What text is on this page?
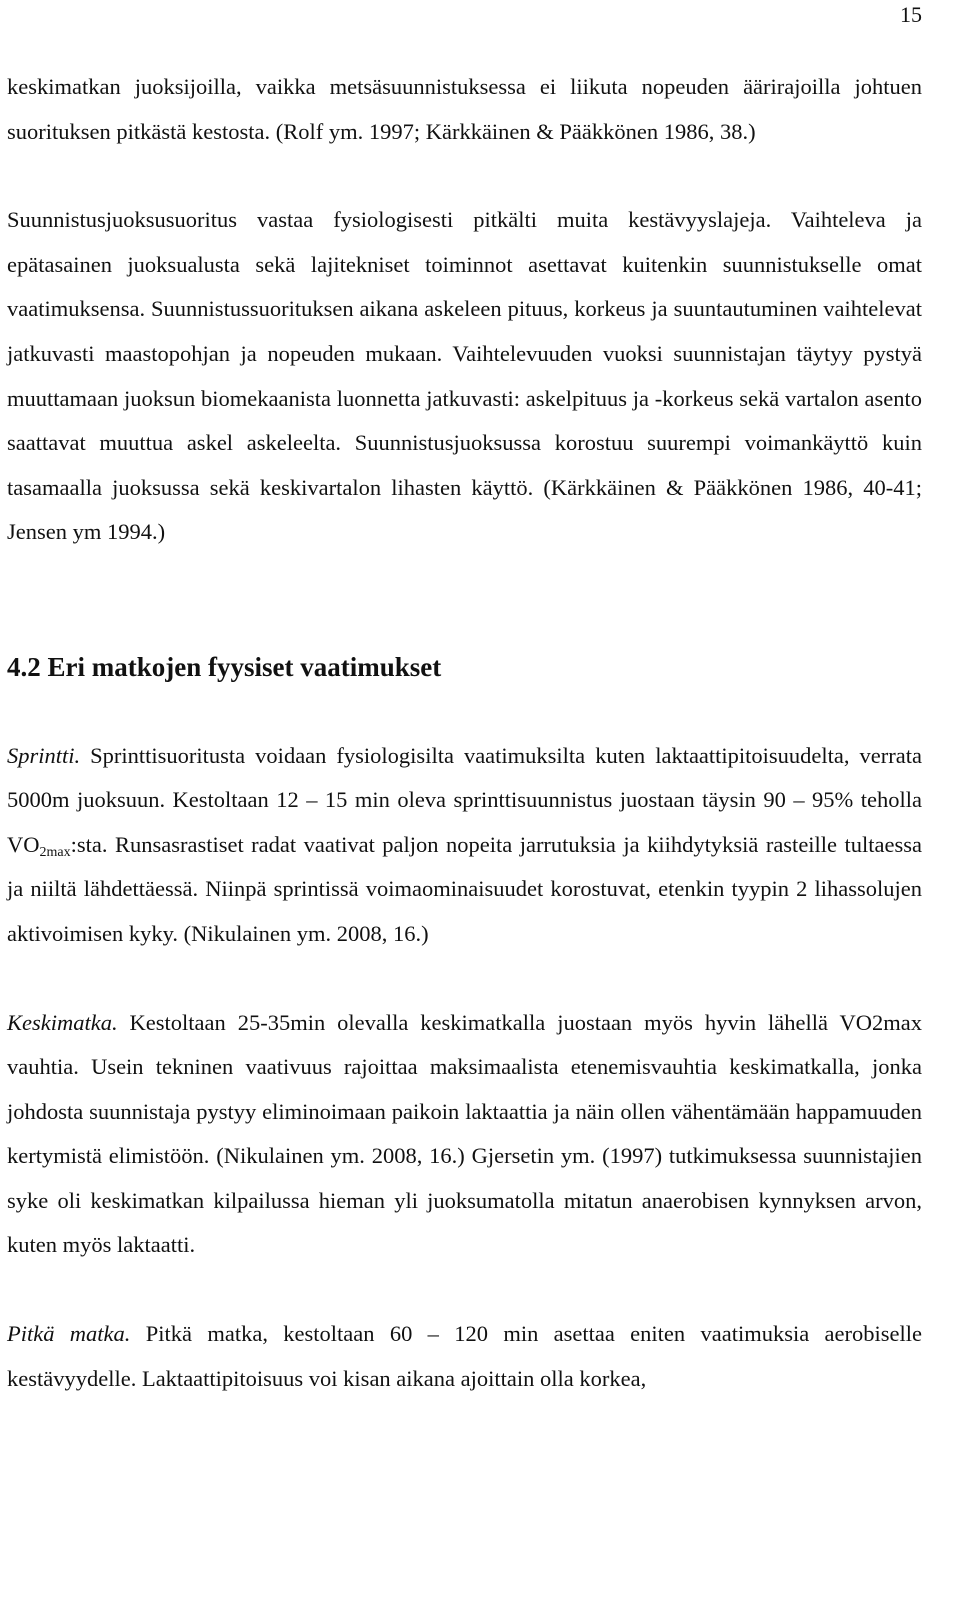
15

keskimatkan juoksijoilla, vaikka metsäsuunnistuksessa ei liikuta nopeuden äärirajoilla johtuen suorituksen pitkästä kestosta. (Rolf ym. 1997; Kärkkäinen & Pääkkönen 1986, 38.)

Suunnistusjuoksusuoritus vastaa fysiologisesti pitkälti muita kestävyyslajeja. Vaihteleva ja epätasainen juoksualusta sekä lajitekniset toiminnot asettavat kuitenkin suunnistukselle omat vaatimuksensa. Suunnistussuorituksen aikana askeleen pituus, korkeus ja suuntautuminen vaihtelevat jatkuvasti maastopohjan ja nopeuden mukaan. Vaihtelevuuden vuoksi suunnistajan täytyy pystyä muuttamaan juoksun biomekaanista luonnetta jatkuvasti: askelpituus ja -korkeus sekä vartalon asento saattavat muuttua askel askeleelta. Suunnistusjuoksussa korostuu suurempi voimankäyttö kuin tasamaalla juoksussa sekä keskivartalon lihasten käyttö. (Kärkkäinen & Pääkkönen 1986, 40-41; Jensen ym 1994.)

4.2 Eri matkojen fyysiset vaatimukset

Sprintti. Sprinttisuoritusta voidaan fysiologisilta vaatimuksilta kuten laktaattipitoisuudelta, verrata 5000m juoksuun. Kestoltaan 12 – 15 min oleva sprinttisuunnistus juostaan täysin 90 – 95% teholla $VO_{2max}:sta$. Runsasrastiset radat vaativat paljon nopeita jarrutuksia ja kiihdytyksiä rasteille tultaessa ja niiltä lähdettäessä. Niinpä sprintissä voimaominaisuudet korostuvat, etenkin tyypin 2 lihassolujen aktivoimisen kyky. (Nikulainen ym. 2008, 16.)

Keskimatka. Kestoltaan 25-35min olevalla keskimatkalla juostaan myös hyvin lähellä VO2max vauhtia. Usein tekninen vaativuus rajoittaa maksimaalista etenemisvauhtia keskimatkalla, jonka johdosta suunnistaja pystyy eliminoimaan paikoin laktaattia ja näin ollen vähentämään happamuuden kertymistä elimistöön. (Nikulainen ym. 2008, 16.) Gjersetin ym. (1997) tutkimuksessa suunnistajien syke oli keskimatkan kilpailussa hieman yli juoksumatolla mitatun anaerobisen kynnyksen arvon, kuten myös laktaatti.

Pitkä matka. Pitkä matka, kestoltaan 60 – 120 min asettaa eniten vaatimuksia aerobiselle kestävyydelle. Laktaattipitoisuus voi kisan aikana ajoittain olla korkea,
